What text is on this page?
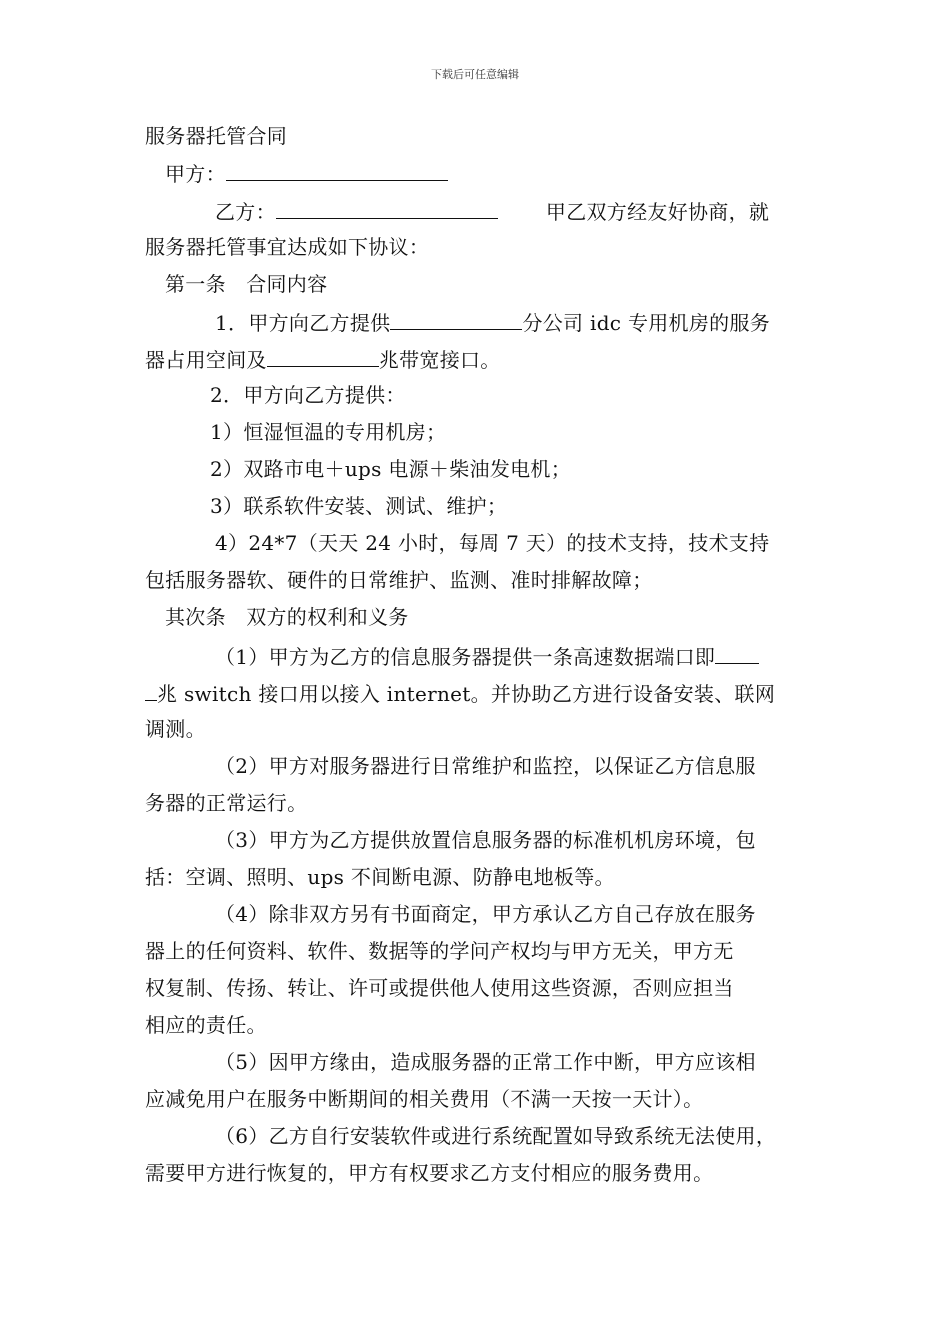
下载后可任意编辑
服务器托管合同
甲方：
乙方：	甲乙双方经友好协商，就
服务器托管事宜达成如下协议：
第一条　合同内容
1．甲方向乙方提供	分公司 idc 专用机房的服务
器占用空间及	兆带宽接口。
2．甲方向乙方提供：
1）恒湿恒温的专用机房；
2）双路市电＋ups 电源＋柴油发电机；
3）联系软件安装、测试、维护；
4）24*7（天天 24 小时，每周 7 天）的技术支持，技术支持
包括服务器软、硬件的日常维护、监测、准时排解故障；
其次条　双方的权利和义务
（1）甲方为乙方的信息服务器提供一条高速数据端口即
兆 switch 接口用以接入 internet。并协助乙方进行设备安装、联网
调测。
（2）甲方对服务器进行日常维护和监控，以保证乙方信息服
务器的正常运行。
（3）甲方为乙方提供放置信息服务器的标准机机房环境，包
括：空调、照明、ups 不间断电源、防静电地板等。
（4）除非双方另有书面商定，甲方承认乙方自己存放在服务
器上的任何资料、软件、数据等的学问产权均与甲方无关，甲方无
权复制、传扬、转让、许可或提供他人使用这些资源，否则应担当
相应的责任。
（5）因甲方缘由，造成服务器的正常工作中断，甲方应该相
应减免用户在服务中断期间的相关费用（不满一天按一天计）。
（6）乙方自行安装软件或进行系统配置如导致系统无法使用，
需要甲方进行恢复的，甲方有权要求乙方支付相应的服务费用。
